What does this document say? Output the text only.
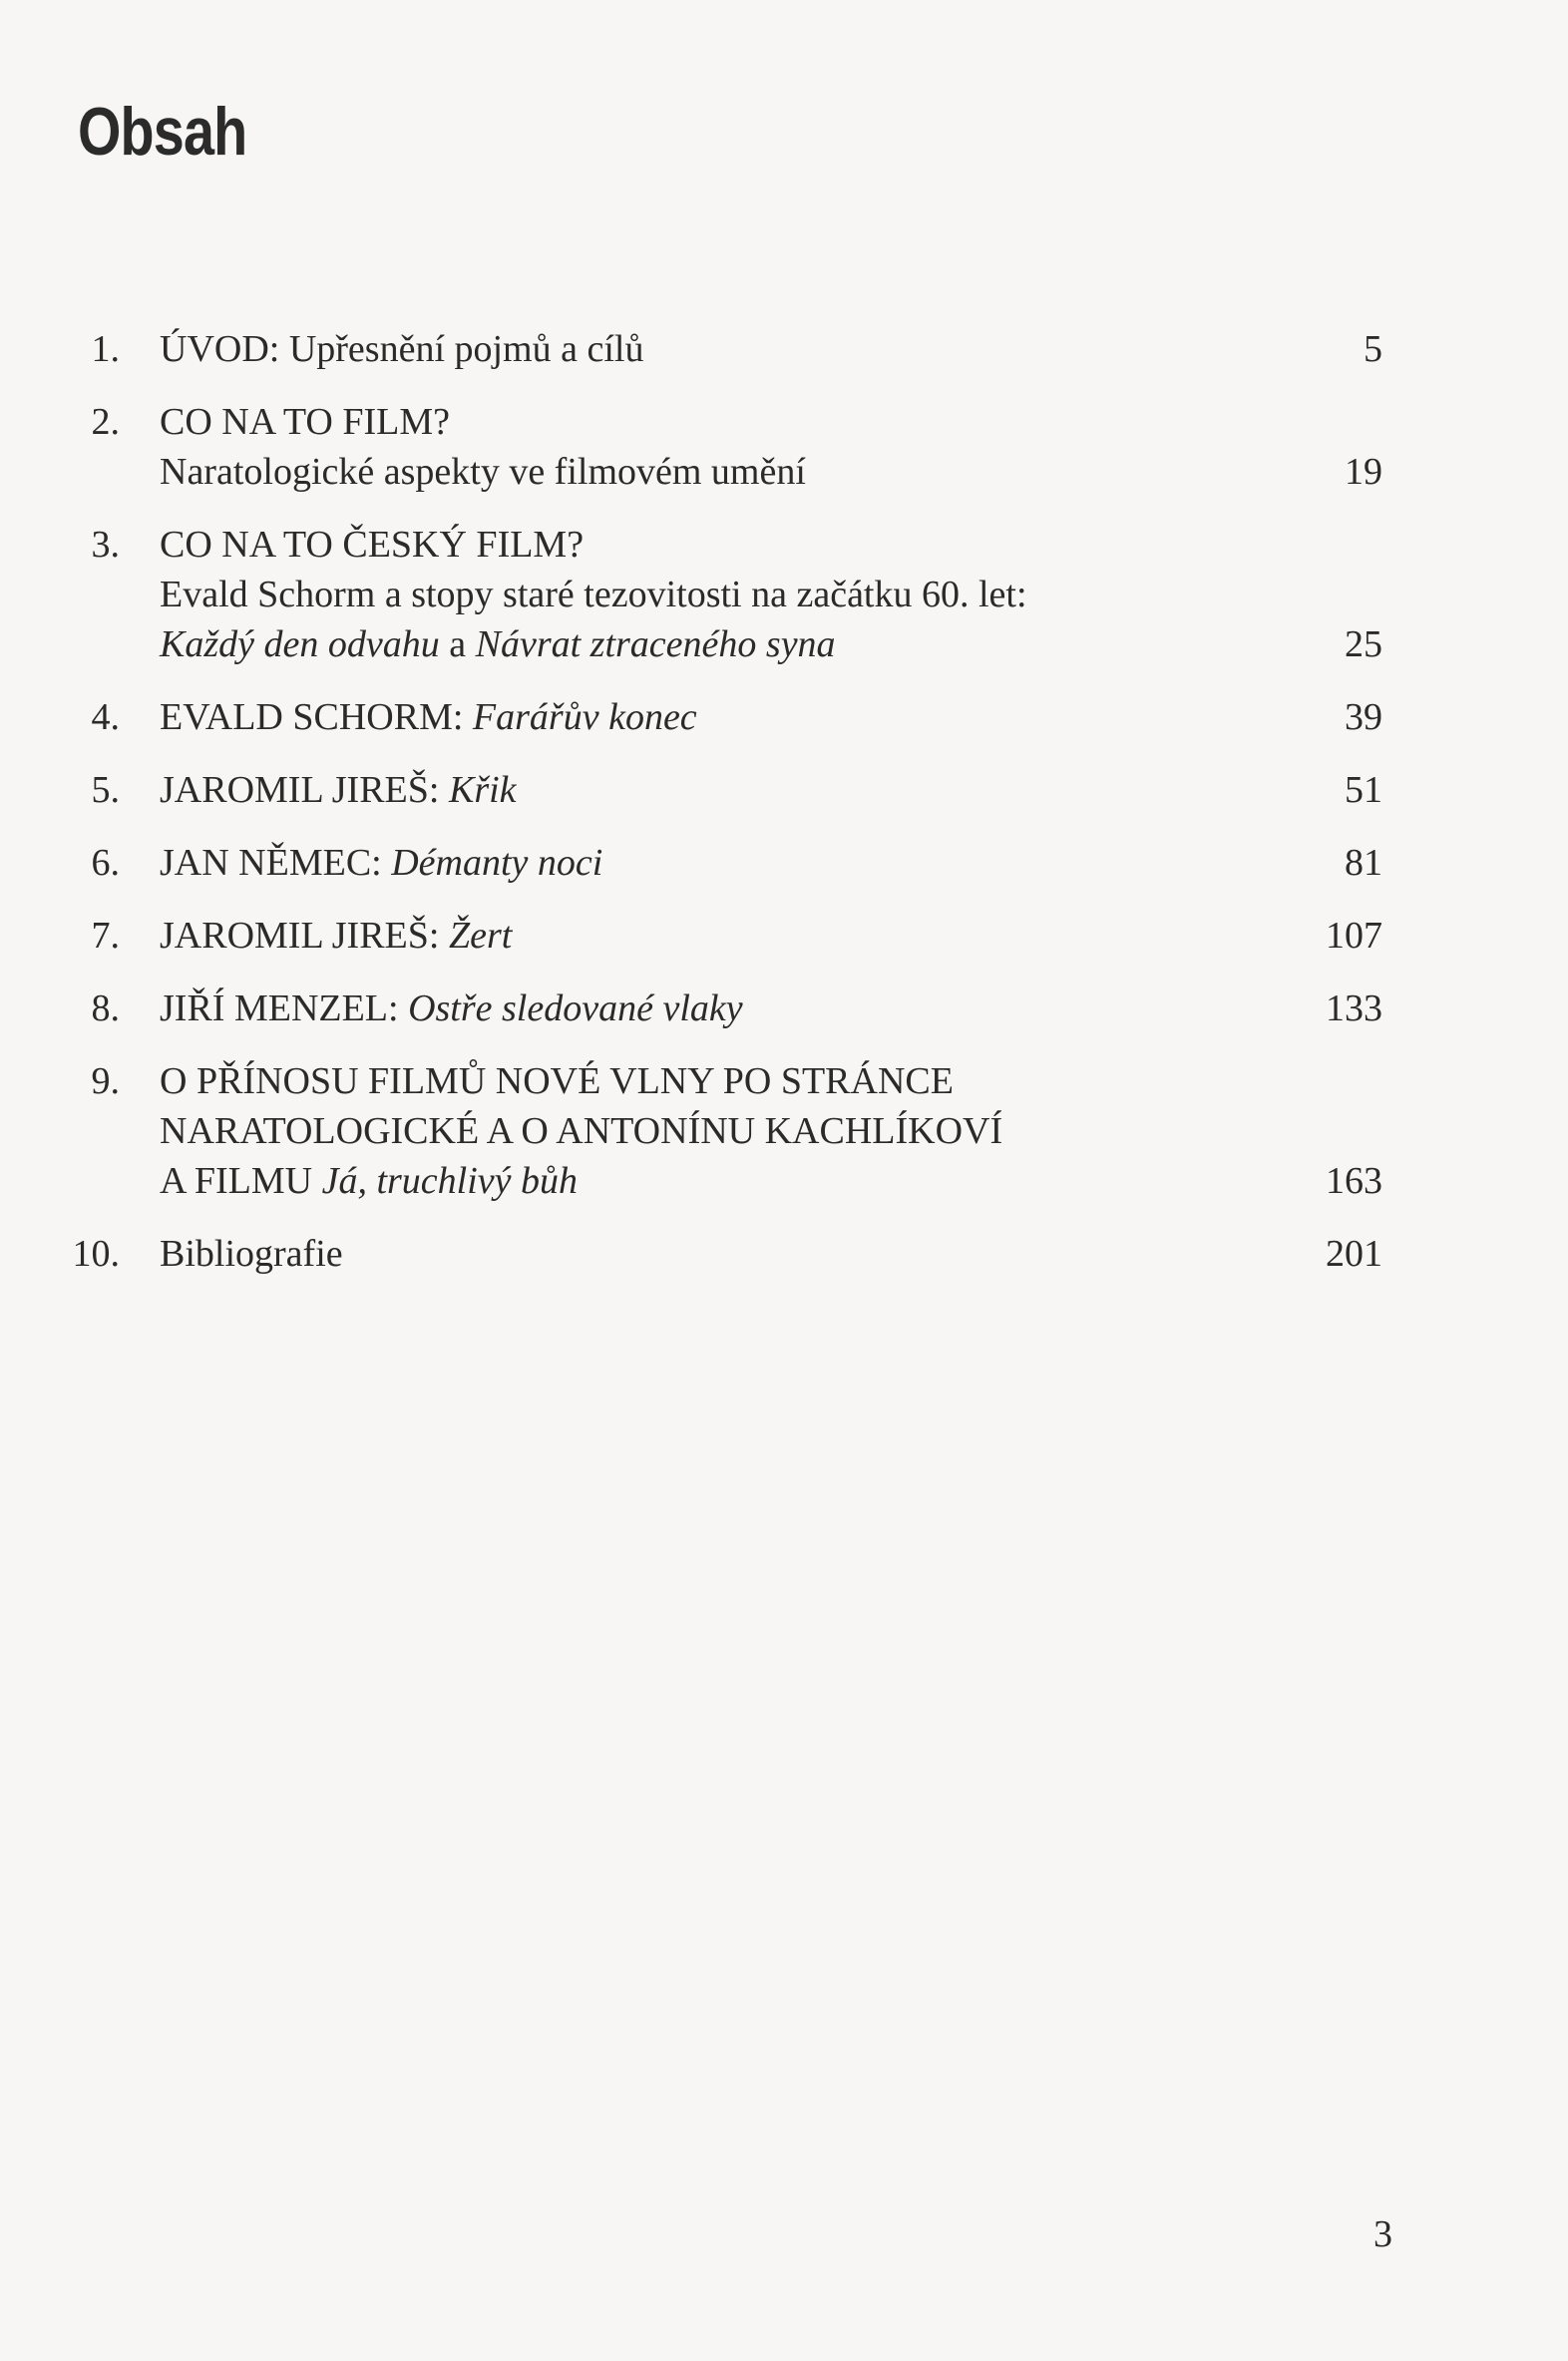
Obsah
1.	ÚVOD: Upřesnění pojmů a cílů	5
2.	CO NA TO FILM?
Naratologické aspekty ve filmovém umění	19
3.	CO NA TO ČESKÝ FILM?
Evald Schorm a stopy staré tezovitosti na začátku 60. let:
Každý den odvahu a Návrat ztraceného syna	25
4.	EVALD SCHORM: Farářův konec	39
5.	JAROMIL JIREŠ: Křik	51
6.	JAN NĚMEC: Démanty noci	81
7.	JAROMIL JIREŠ: Žert	107
8.	JIŘÍ MENZEL: Ostře sledované vlaky	133
9.	O PŘÍNOSU FILMŮ NOVÉ VLNY PO STRÁNCE
NARATOLOGICKÉ A O ANTONÍNU KACHLÍKOVÍ
A FILMU Já, truchlivý bůh	163
10.	Bibliografie	201
3
